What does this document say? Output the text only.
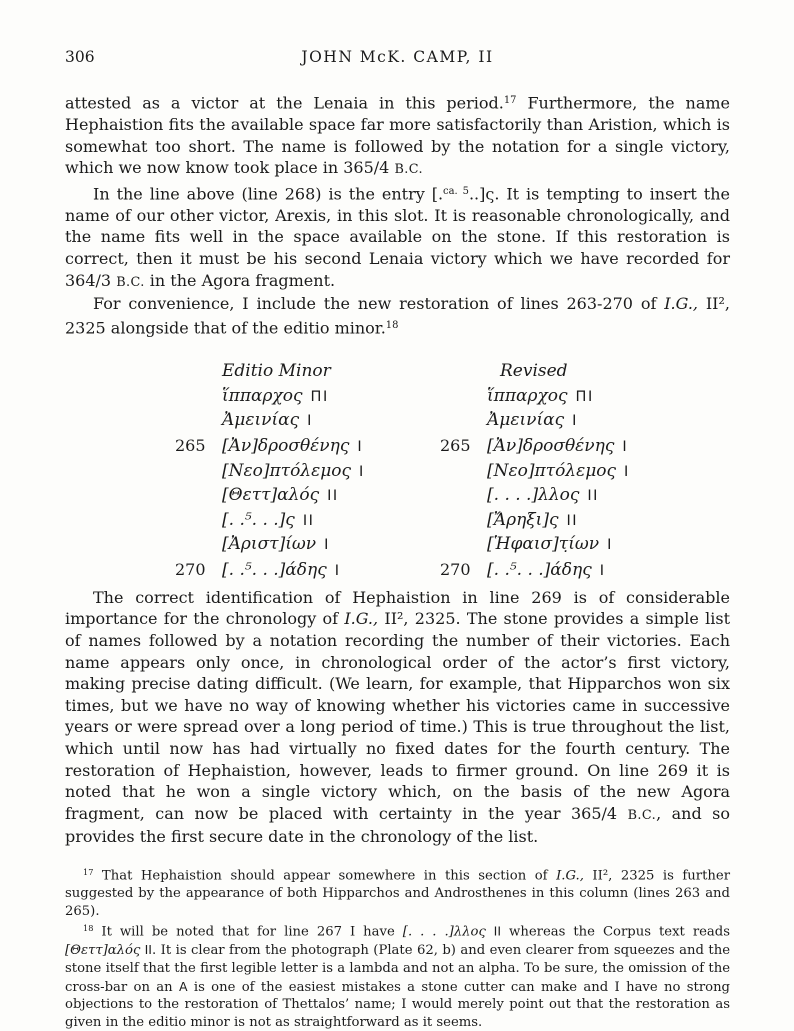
306	JOHN McK. CAMP, II

attested as a victor at the Lenaia in this period.$^{17}$ Furthermore, the name Hephaistion fits the available space far more satisfactorily than Aristion, which is somewhat too short. The name is followed by the notation for a single victory, which we now know took place in 365/4 B.C.

In the line above (line 268) is the entry [.$^{ca. 5}$..]ς. It is tempting to insert the name of our other victor, Arexis, in this slot. It is reasonable chronologically, and the name fits well in the space available on the stone. If this restoration is correct, then it must be his second Lenaia victory which we have recorded for 364/3 B.C. in the Agora fragment.

For convenience, I include the new restoration of lines 263-270 of I.G., II², 2325 alongside that of the editio minor.$^{18}$

Editio Minor
ἵππαρχος ΠΙ
Ἀμεινίας Ι
265 [Ἀν]δροσθένης Ι
[Νεο]πτόλεμος Ι
[Θεττ]αλός ΙΙ
[. .⁵. . .]ς ΙΙ
[Ἀριστ]ίων Ι
270 [. .⁵. . .]άδης Ι
Revised
ἵππαρχος ΠΙ
Ἀμεινίας Ι
265 [Ἀν]δροσθένης Ι
[Νεο]πτόλεμος Ι
[. . . .]λλος ΙΙ
[Ἄρηξι]ς ΙΙ
[Ἡφαισ]τ̣ίων Ι
270 [. .⁵. . .]άδης Ι

The correct identification of Hephaistion in line 269 is of considerable importance for the chronology of I.G., II², 2325. The stone provides a simple list of names followed by a notation recording the number of their victories. Each name appears only once, in chronological order of the actor’s first victory, making precise dating difficult. (We learn, for example, that Hipparchos won six times, but we have no way of knowing whether his victories came in successive years or were spread over a long period of time.) This is true throughout the list, which until now has had virtually no fixed dates for the fourth century. The restoration of Hephaistion, however, leads to firmer ground. On line 269 it is noted that he won a single victory which, on the basis of the new Agora fragment, can now be placed with certainty in the year 365/4 B.C., and so provides the first secure date in the chronology of the list.

$^{17}$ That Hephaistion should appear somewhere in this section of I.G., II², 2325 is further suggested by the appearance of both Hipparchos and Androsthenes in this column (lines 263 and 265).

$^{18}$ It will be noted that for line 267 I have [. . . .]λλος ΙΙ whereas the Corpus text reads [Θεττ]αλός ΙΙ. It is clear from the photograph (Plate 62, b) and even clearer from squeezes and the stone itself that the first legible letter is a lambda and not an alpha. To be sure, the omission of the cross-bar on an A is one of the easiest mistakes a stone cutter can make and I have no strong objections to the restoration of Thettalos’ name; I would merely point out that the restoration as given in the editio minor is not as straightforward as it seems.
